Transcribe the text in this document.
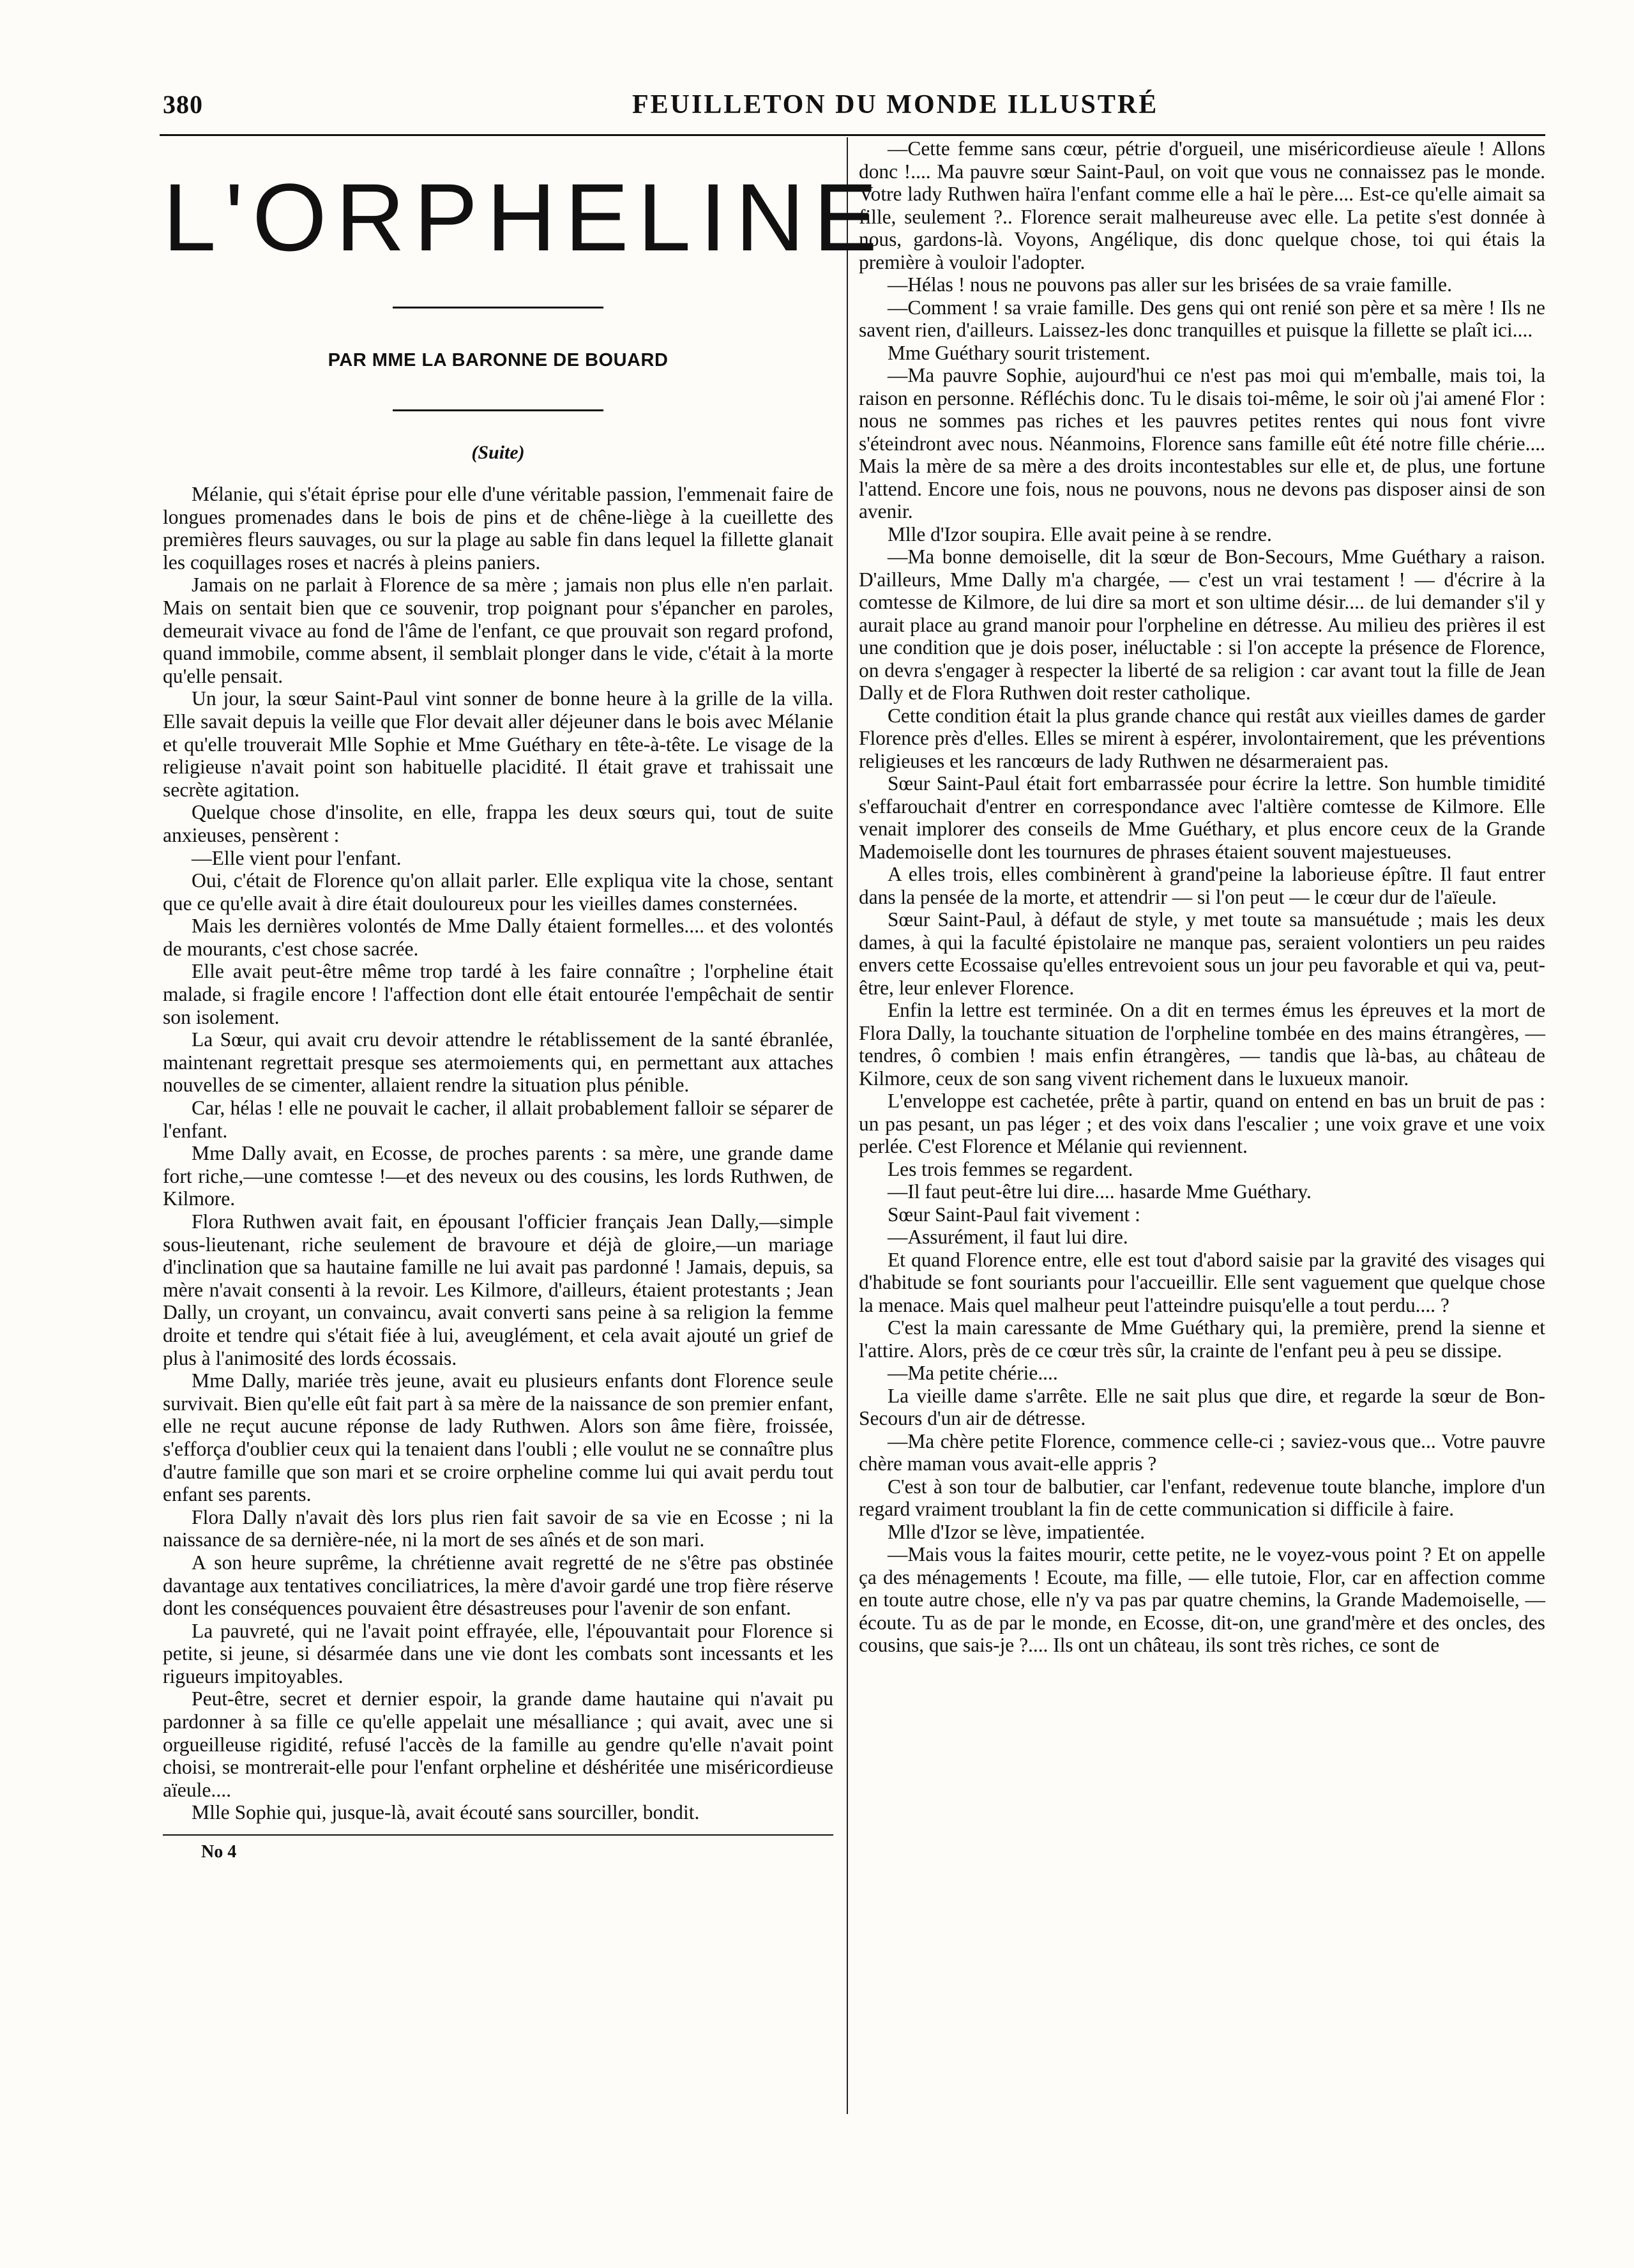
380	FEUILLETON DU MONDE ILLUSTRÉ
L'ORPHELINE
PAR MME LA BARONNE DE BOUARD
(Suite)

Mélanie, qui s'était éprise pour elle d'une véritable passion, l'emmenait faire de longues promenades dans le bois de pins et de chêne-liège à la cueillette des premières fleurs sauvages, ou sur la plage au sable fin dans lequel la fillette glanait les coquillages roses et nacrés à pleins paniers.

Jamais on ne parlait à Florence de sa mère ; jamais non plus elle n'en parlait. Mais on sentait bien que ce souvenir, trop poignant pour s'épancher en paroles, demeurait vivace au fond de l'âme de l'enfant, ce que prouvait son regard profond, quand immobile, comme absent, il semblait plonger dans le vide, c'était à la morte qu'elle pensait.

Un jour, la sœur Saint-Paul vint sonner de bonne heure à la grille de la villa. Elle savait depuis la veille que Flor devait aller déjeuner dans le bois avec Mélanie et qu'elle trouverait Mlle Sophie et Mme Guéthary en tête-à-tête. Le visage de la religieuse n'avait point son habituelle placidité. Il était grave et trahissait une secrète agitation.

Quelque chose d'insolite, en elle, frappa les deux sœurs qui, tout de suite anxieuses, pensèrent :

—Elle vient pour l'enfant.

Oui, c'était de Florence qu'on allait parler. Elle expliqua vite la chose, sentant que ce qu'elle avait à dire était douloureux pour les vieilles dames consternées.

Mais les dernières volontés de Mme Dally étaient formelles.... et des volontés de mourants, c'est chose sacrée.

Elle avait peut-être même trop tardé à les faire connaître ; l'orpheline était malade, si fragile encore ! l'affection dont elle était entourée l'empêchait de sentir son isolement.

La Sœur, qui avait cru devoir attendre le rétablissement de la santé ébranlée, maintenant regrettait presque ses atermoiements qui, en permettant aux attaches nouvelles de se cimenter, allaient rendre la situation plus pénible.

Car, hélas ! elle ne pouvait le cacher, il allait probablement falloir se séparer de l'enfant.

Mme Dally avait, en Ecosse, de proches parents : sa mère, une grande dame fort riche,—une comtesse !—et des neveux ou des cousins, les lords Ruthwen, de Kilmore.

Flora Ruthwen avait fait, en épousant l'officier français Jean Dally,—simple sous-lieutenant, riche seulement de bravoure et déjà de gloire,—un mariage d'inclination que sa hautaine famille ne lui avait pas pardonné ! Jamais, depuis, sa mère n'avait consenti à la revoir. Les Kilmore, d'ailleurs, étaient protestants ; Jean Dally, un croyant, un convaincu, avait converti sans peine à sa religion la femme droite et tendre qui s'était fiée à lui, aveuglément, et cela avait ajouté un grief de plus à l'animosité des lords écossais.

Mme Dally, mariée très jeune, avait eu plusieurs enfants dont Florence seule survivait. Bien qu'elle eût fait part à sa mère de la naissance de son premier enfant, elle ne reçut aucune réponse de lady Ruthwen. Alors son âme fière, froissée, s'efforça d'oublier ceux qui la tenaient dans l'oubli ; elle voulut ne se connaître plus d'autre famille que son mari et se croire orpheline comme lui qui avait perdu tout enfant ses parents.

Flora Dally n'avait dès lors plus rien fait savoir de sa vie en Ecosse ; ni la naissance de sa dernière-née, ni la mort de ses aînés et de son mari.

A son heure suprême, la chrétienne avait regretté de ne s'être pas obstinée davantage aux tentatives conciliatrices, la mère d'avoir gardé une trop fière réserve dont les conséquences pouvaient être désastreuses pour l'avenir de son enfant.

La pauvreté, qui ne l'avait point effrayée, elle, l'épouvantait pour Florence si petite, si jeune, si désarmée dans une vie dont les combats sont incessants et les rigueurs impitoyables.

Peut-être, secret et dernier espoir, la grande dame hautaine qui n'avait pu pardonner à sa fille ce qu'elle appelait une mésalliance ; qui avait, avec une si orgueilleuse rigidité, refusé l'accès de la famille au gendre qu'elle n'avait point choisi, se montrerait-elle pour l'enfant orpheline et déshéritée une miséricordieuse aïeule....

Mlle Sophie qui, jusque-là, avait écouté sans sourciller, bondit.

No 4

—Cette femme sans cœur, pétrie d'orgueil, une miséricordieuse aïeule ! Allons donc !.... Ma pauvre sœur Saint-Paul, on voit que vous ne connaissez pas le monde. Votre lady Ruthwen haïra l'enfant comme elle a haï le père.... Est-ce qu'elle aimait sa fille, seulement ?.. Florence serait malheureuse avec elle. La petite s'est donnée à nous, gardons-là. Voyons, Angélique, dis donc quelque chose, toi qui étais la première à vouloir l'adopter.

—Hélas ! nous ne pouvons pas aller sur les brisées de sa vraie famille.

—Comment ! sa vraie famille. Des gens qui ont renié son père et sa mère ! Ils ne savent rien, d'ailleurs. Laissez-les donc tranquilles et puisque la fillette se plaît ici....

Mme Guéthary sourit tristement.

—Ma pauvre Sophie, aujourd'hui ce n'est pas moi qui m'emballe, mais toi, la raison en personne. Réfléchis donc. Tu le disais toi-même, le soir où j'ai amené Flor : nous ne sommes pas riches et les pauvres petites rentes qui nous font vivre s'éteindront avec nous. Néanmoins, Florence sans famille eût été notre fille chérie.... Mais la mère de sa mère a des droits incontestables sur elle et, de plus, une fortune l'attend. Encore une fois, nous ne pouvons, nous ne devons pas disposer ainsi de son avenir.

Mlle d'Izor soupira. Elle avait peine à se rendre.

—Ma bonne demoiselle, dit la sœur de Bon-Secours, Mme Guéthary a raison. D'ailleurs, Mme Dally m'a chargée, — c'est un vrai testament ! — d'écrire à la comtesse de Kilmore, de lui dire sa mort et son ultime désir.... de lui demander s'il y aurait place au grand manoir pour l'orpheline en détresse. Au milieu des prières il est une condition que je dois poser, inéluctable : si l'on accepte la présence de Florence, on devra s'engager à respecter la liberté de sa religion : car avant tout la fille de Jean Dally et de Flora Ruthwen doit rester catholique.

Cette condition était la plus grande chance qui restât aux vieilles dames de garder Florence près d'elles. Elles se mirent à espérer, involontairement, que les préventions religieuses et les rancœurs de lady Ruthwen ne désarmeraient pas.

Sœur Saint-Paul était fort embarrassée pour écrire la lettre. Son humble timidité s'effarouchait d'entrer en correspondance avec l'altière comtesse de Kilmore. Elle venait implorer des conseils de Mme Guéthary, et plus encore ceux de la Grande Mademoiselle dont les tournures de phrases étaient souvent majestueuses.

A elles trois, elles combinèrent à grand'peine la laborieuse épître. Il faut entrer dans la pensée de la morte, et attendrir — si l'on peut — le cœur dur de l'aïeule.

Sœur Saint-Paul, à défaut de style, y met toute sa mansuétude ; mais les deux dames, à qui la faculté épistolaire ne manque pas, seraient volontiers un peu raides envers cette Ecossaise qu'elles entrevoient sous un jour peu favorable et qui va, peut-être, leur enlever Florence.

Enfin la lettre est terminée. On a dit en termes émus les épreuves et la mort de Flora Dally, la touchante situation de l'orpheline tombée en des mains étrangères, — tendres, ô combien ! mais enfin étrangères, — tandis que là-bas, au château de Kilmore, ceux de son sang vivent richement dans le luxueux manoir.

L'enveloppe est cachetée, prête à partir, quand on entend en bas un bruit de pas : un pas pesant, un pas léger ; et des voix dans l'escalier ; une voix grave et une voix perlée. C'est Florence et Mélanie qui reviennent.

Les trois femmes se regardent.

—Il faut peut-être lui dire.... hasarde Mme Guéthary.

Sœur Saint-Paul fait vivement :

—Assurément, il faut lui dire.

Et quand Florence entre, elle est tout d'abord saisie par la gravité des visages qui d'habitude se font souriants pour l'accueillir. Elle sent vaguement que quelque chose la menace. Mais quel malheur peut l'atteindre puisqu'elle a tout perdu.... ?

C'est la main caressante de Mme Guéthary qui, la première, prend la sienne et l'attire. Alors, près de ce cœur très sûr, la crainte de l'enfant peu à peu se dissipe.

—Ma petite chérie....

La vieille dame s'arrête. Elle ne sait plus que dire, et regarde la sœur de Bon-Secours d'un air de détresse.

—Ma chère petite Florence, commence celle-ci ; saviez-vous que... Votre pauvre chère maman vous avait-elle appris ?

C'est à son tour de balbutier, car l'enfant, redevenue toute blanche, implore d'un regard vraiment troublant la fin de cette communication si difficile à faire.

Mlle d'Izor se lève, impatientée.

—Mais vous la faites mourir, cette petite, ne le voyez-vous point ? Et on appelle ça des ménagements ! Ecoute, ma fille, — elle tutoie, Flor, car en affection comme en toute autre chose, elle n'y va pas par quatre chemins, la Grande Mademoiselle, — écoute. Tu as de par le monde, en Ecosse, dit-on, une grand'mère et des oncles, des cousins, que sais-je ?.... Ils ont un château, ils sont très riches, ce sont de
